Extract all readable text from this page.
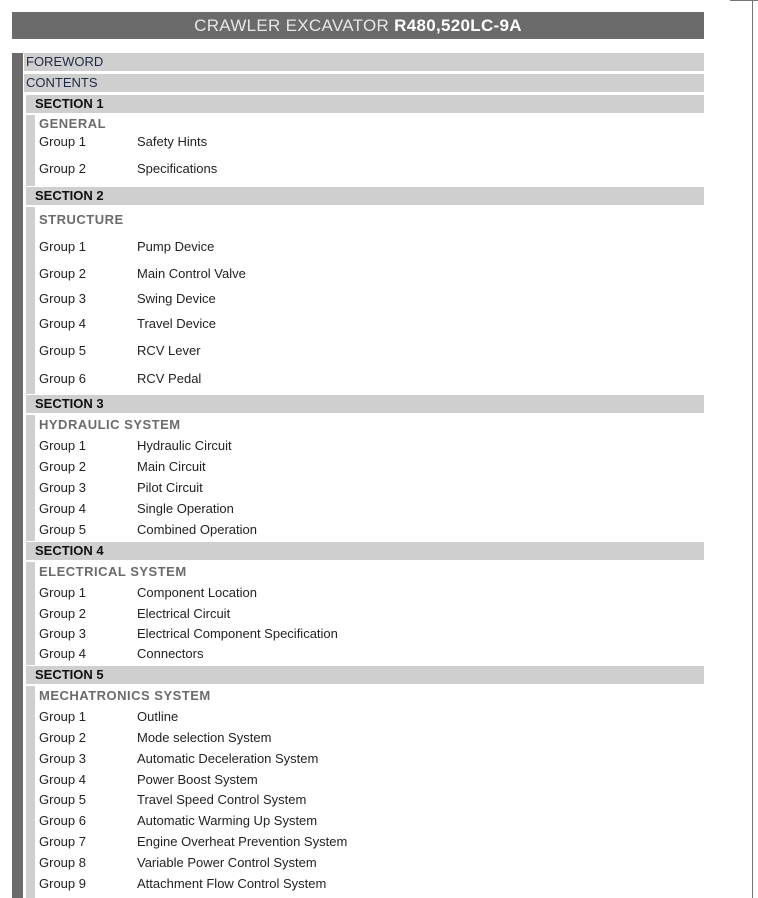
CRAWLER EXCAVATOR R480,520LC-9A
FOREWORD
CONTENTS
SECTION 1
GENERAL
Group 1	Safety Hints
Group 2	Specifications
SECTION 2
STRUCTURE
Group 1	Pump Device
Group 2	Main Control Valve
Group 3	Swing Device
Group 4	Travel Device
Group 5	RCV Lever
Group 6	RCV Pedal
SECTION 3
HYDRAULIC SYSTEM
Group 1	Hydraulic Circuit
Group 2	Main Circuit
Group 3	Pilot Circuit
Group 4	Single Operation
Group 5	Combined Operation
SECTION 4
ELECTRICAL SYSTEM
Group 1	Component Location
Group 2	Electrical Circuit
Group 3	Electrical Component Specification
Group 4	Connectors
SECTION 5
MECHATRONICS SYSTEM
Group 1	Outline
Group 2	Mode selection System
Group 3	Automatic Deceleration System
Group 4	Power Boost System
Group 5	Travel Speed Control System
Group 6	Automatic Warming Up System
Group 7	Engine Overheat Prevention System
Group 8	Variable Power Control System
Group 9	Attachment Flow Control System
